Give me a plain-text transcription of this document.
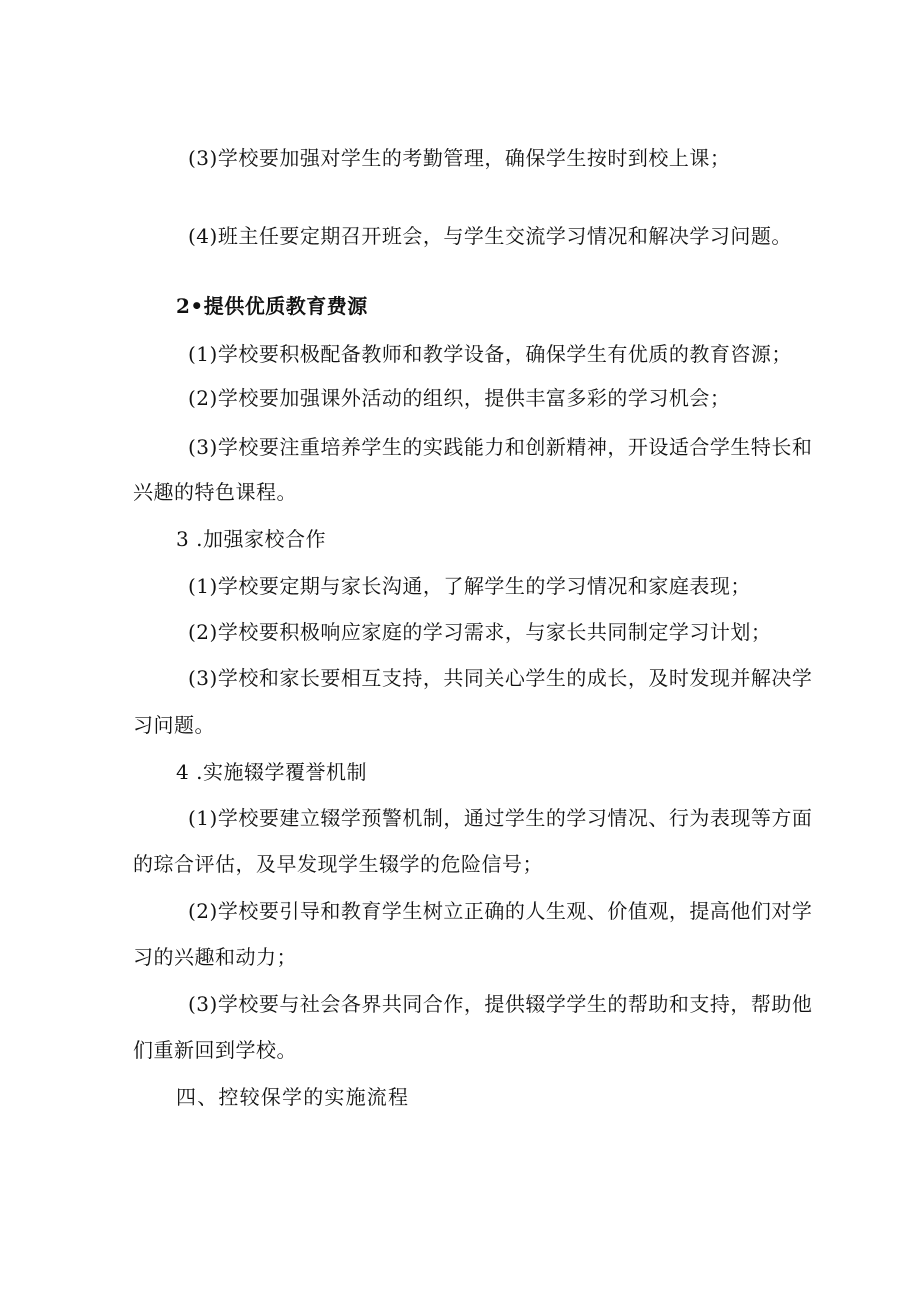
(3)学校要加强对学生的考勤管理，确保学生按时到校上课；
(4)班主任要定期召开班会，与学生交流学习情况和解决学习问题。
2•提供优质教育费源
(1)学校要积极配备教师和教学设备，确保学生有优质的教育咨源；
(2)学校要加强课外活动的组织，提供丰富多彩的学习机会；
(3)学校要注重培养学生的实践能力和创新精神，开设适合学生特长和
兴趣的特色课程。
3 .加强家校合作
(1)学校要定期与家长沟通，了解学生的学习情况和家庭表现；
(2)学校要积极响应家庭的学习需求，与家长共同制定学习计划；
(3)学校和家长要相互支持，共同关心学生的成长，及时发现并解决学
习问题。
4 .实施辍学覆誉机制
(1)学校要建立辍学预警机制，通过学生的学习情况、行为表现等方面
的琮合评估，及早发现学生辍学的危险信号；
(2)学校要引导和教育学生树立正确的人生观、价值观，提高他们对学
习的兴趣和动力；
(3)学校要与社会各界共同合作，提供辍学学生的帮助和支持，帮助他
们重新回到学校。
四、控较保学的实施流程
